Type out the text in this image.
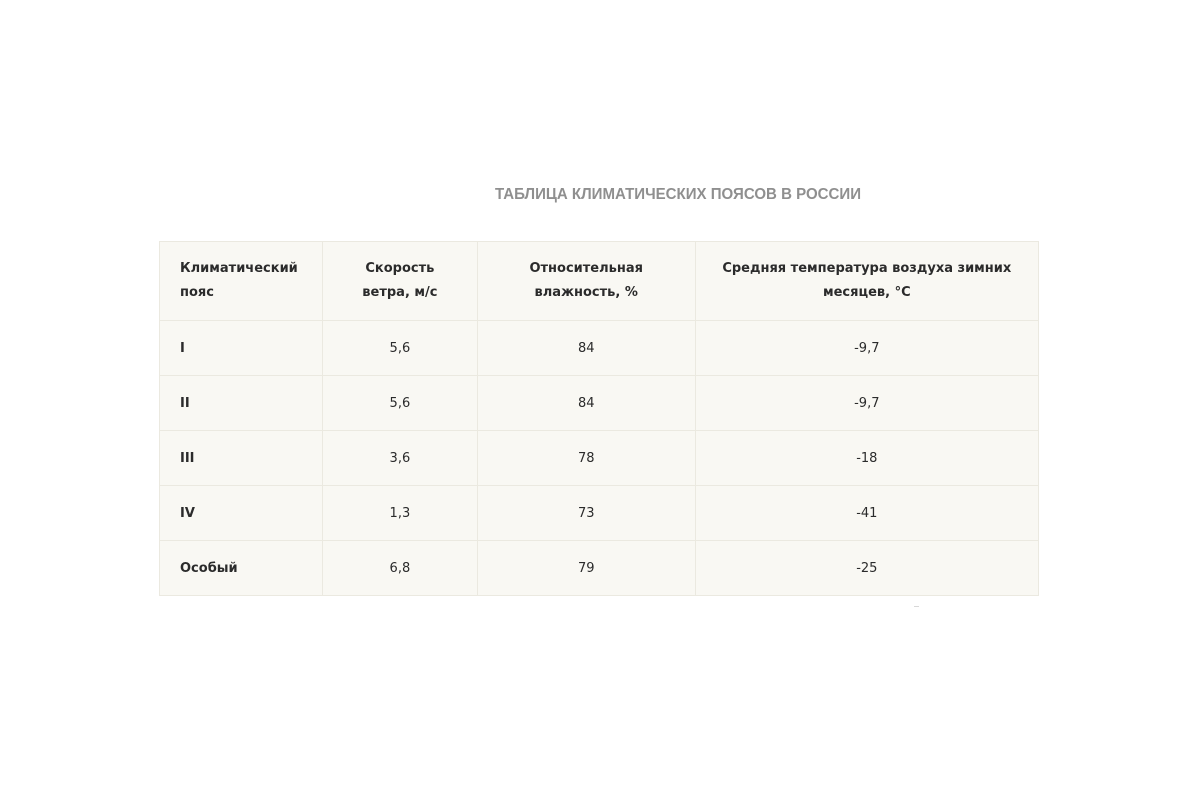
ТАБЛИЦА КЛИМАТИЧЕСКИХ ПОЯСОВ В РОССИИ
Климатический пояс	Скорость ветра, м/с	Относительная влажность, %	Средняя температура воздуха зимних месяцев, °C
I	5,6	84	-9,7
II	5,6	84	-9,7
III	3,6	78	-18
IV	1,3	73	-41
Особый	6,8	79	-25
